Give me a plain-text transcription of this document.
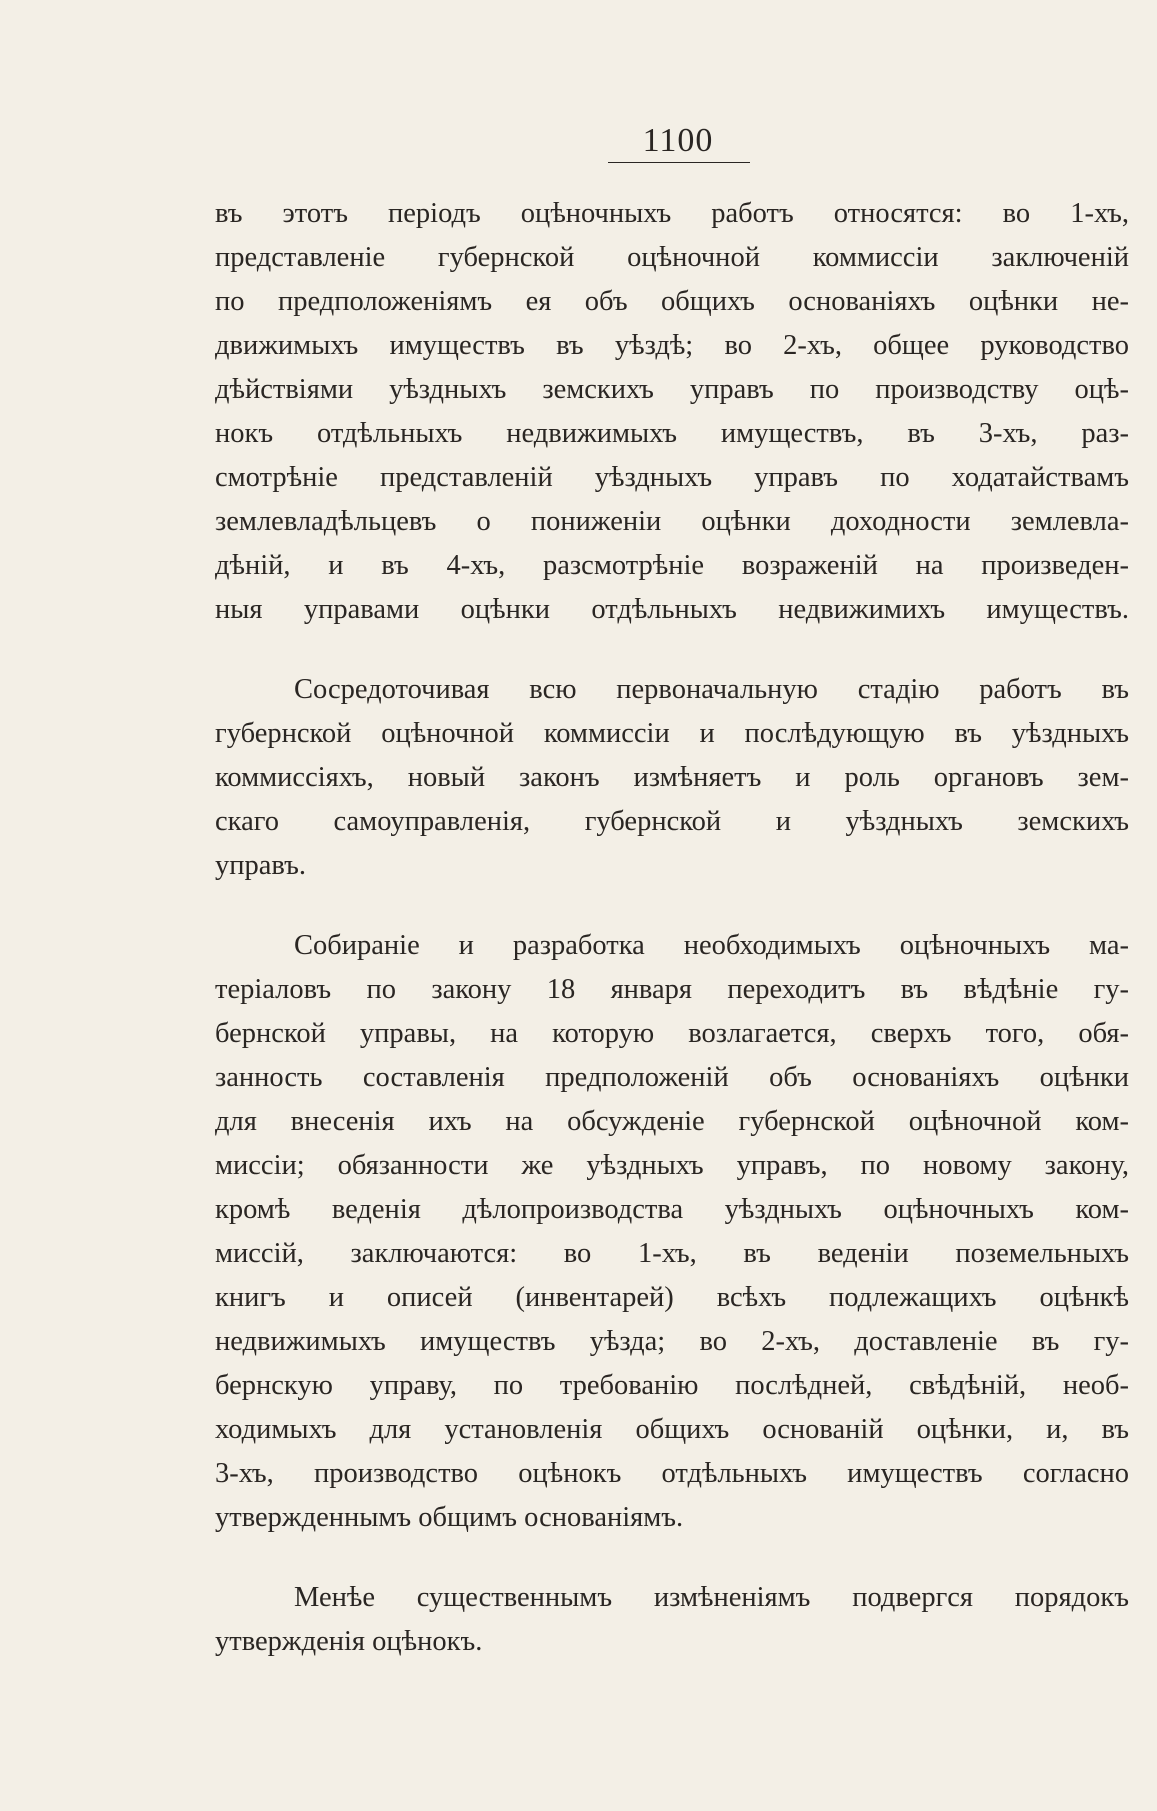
1100
въ этотъ періодъ оцѣночныхъ работъ относятся: во 1-хъ,
представленіе губернской оцѣночной коммиссіи заключеній
по предположеніямъ ея объ общихъ основаніяхъ оцѣнки не-
движимыхъ имуществъ въ уѣздѣ; во 2-хъ, общее руководство
дѣйствіями уѣздныхъ земскихъ управъ по производству оцѣ-
нокъ отдѣльныхъ недвижимыхъ имуществъ, въ 3-хъ, раз-
смотрѣніе представленій уѣздныхъ управъ по ходатайствамъ
землевладѣльцевъ о пониженіи оцѣнки доходности землевла-
дѣній, и въ 4-хъ, разсмотрѣніе возраженій на произведен-
ныя управами оцѣнки отдѣльныхъ недвижимихъ имуществъ.
Сосредоточивая всю первоначальную стадію работъ въ
губернской оцѣночной коммиссіи и послѣдующую въ уѣздныхъ
коммиссіяхъ, новый законъ измѣняетъ и роль органовъ зем-
скаго самоуправленія, губернской и уѣздныхъ земскихъ
управъ.
Собираніе и разработка необходимыхъ оцѣночныхъ ма-
теріаловъ по закону 18 января переходитъ въ вѣдѣніе гу-
бернской управы, на которую возлагается, сверхъ того, обя-
занность составленія предположеній объ основаніяхъ оцѣнки
для внесенія ихъ на обсужденіе губернской оцѣночной ком-
миссіи; обязанности же уѣздныхъ управъ, по новому закону,
кромѣ веденія дѣлопроизводства уѣздныхъ оцѣночныхъ ком-
миссій, заключаются: во 1-хъ, въ веденіи поземельныхъ
книгъ и описей (инвентарей) всѣхъ подлежащихъ оцѣнкѣ
недвижимыхъ имуществъ уѣзда; во 2-хъ, доставленіе въ гу-
бернскую управу, по требованію послѣдней, свѣдѣній, необ-
ходимыхъ для установленія общихъ основаній оцѣнки, и, въ
3-хъ, производство оцѣнокъ отдѣльныхъ имуществъ согласно
утвержденнымъ общимъ основаніямъ.
Менѣе существеннымъ измѣненіямъ подвергся порядокъ
утвержденія оцѣнокъ.
